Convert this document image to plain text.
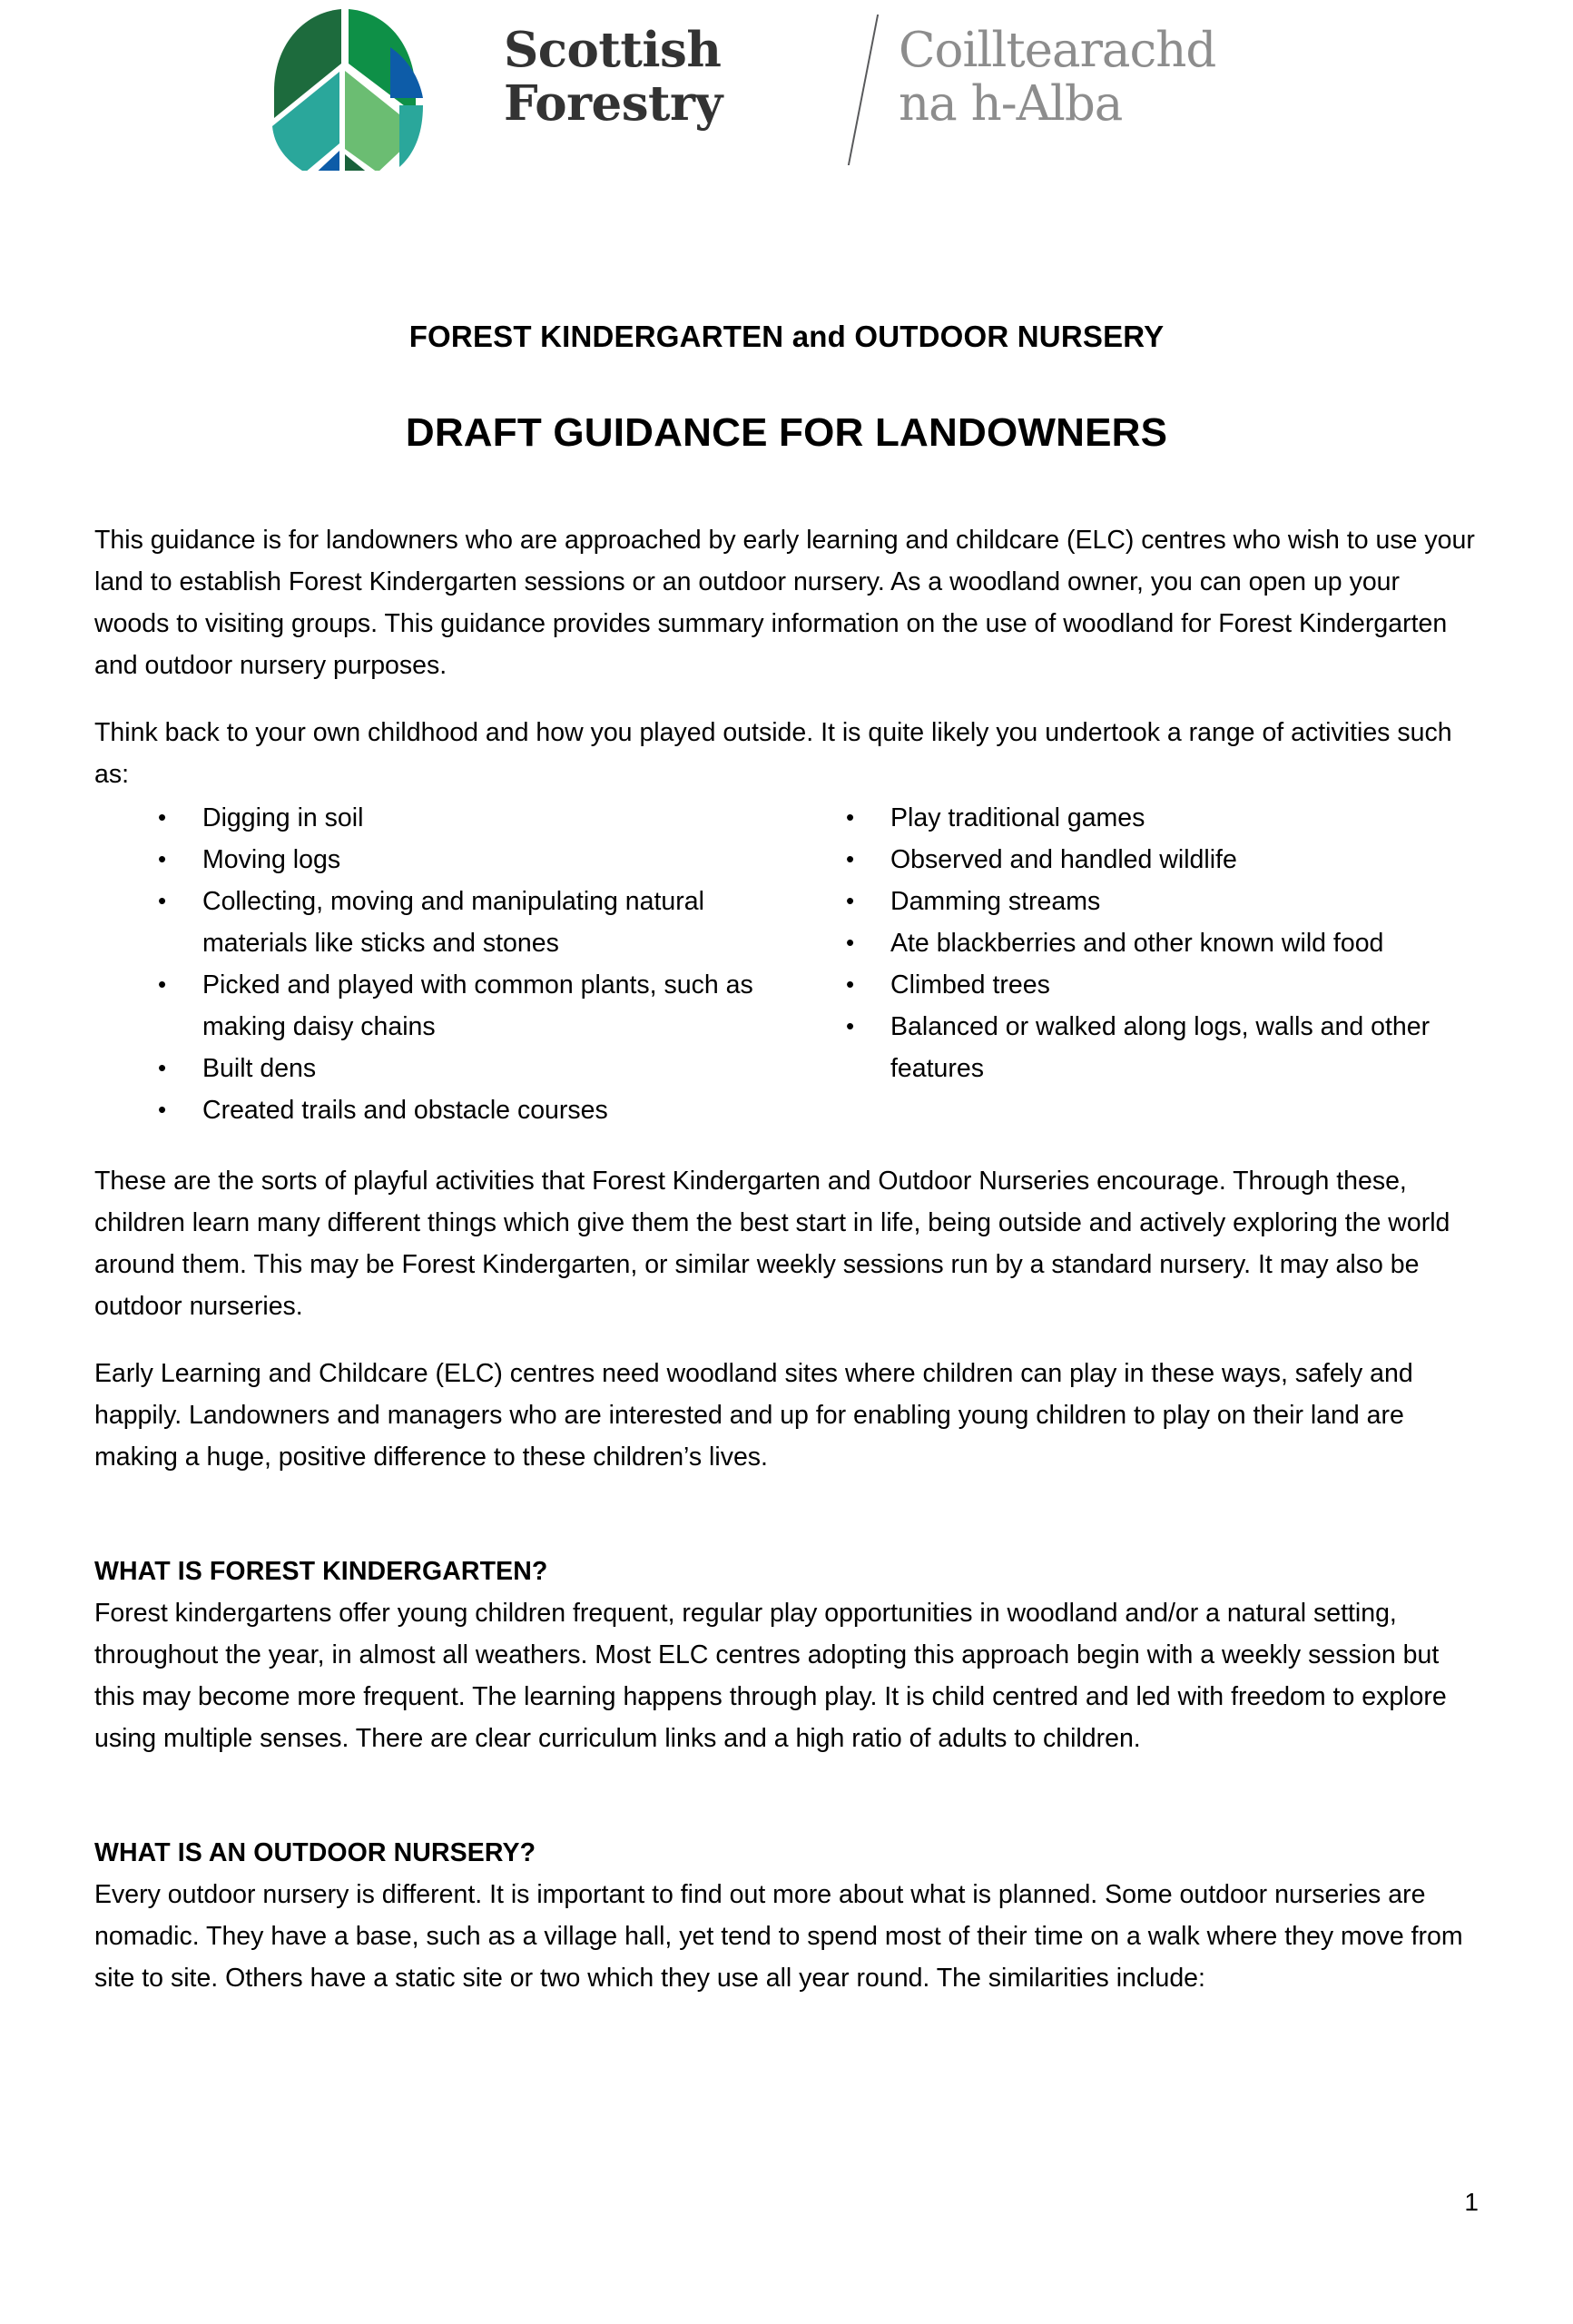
Scottish
Forestry
Coilltearachd
na h-Alba
FOREST KINDERGARTEN and OUTDOOR NURSERY
DRAFT GUIDANCE FOR LANDOWNERS

This guidance is for landowners who are approached by early learning and childcare (ELC) centres who wish to use your land to establish Forest Kindergarten sessions or an outdoor nursery. As a woodland owner, you can open up your woods to visiting groups. This guidance provides summary information on the use of woodland for Forest Kindergarten and outdoor nursery purposes.

Think back to your own childhood and how you played outside. It is quite likely you undertook a range of activities such as:

• Digging in soil
• Moving logs
• Collecting, moving and manipulating natural materials like sticks and stones
• Picked and played with common plants, such as making daisy chains
• Built dens
• Created trails and obstacle courses
• Play traditional games
• Observed and handled wildlife
• Damming streams
• Ate blackberries and other known wild food
• Climbed trees
• Balanced or walked along logs, walls and other features

These are the sorts of playful activities that Forest Kindergarten and Outdoor Nurseries encourage. Through these, children learn many different things which give them the best start in life, being outside and actively exploring the world around them. This may be Forest Kindergarten, or similar weekly sessions run by a standard nursery. It may also be outdoor nurseries.

Early Learning and Childcare (ELC) centres need woodland sites where children can play in these ways, safely and happily. Landowners and managers who are interested and up for enabling young children to play on their land are making a huge, positive difference to these children’s lives.

WHAT IS FOREST KINDERGARTEN?

Forest kindergartens offer young children frequent, regular play opportunities in woodland and/or a natural setting, throughout the year, in almost all weathers. Most ELC centres adopting this approach begin with a weekly session but this may become more frequent. The learning happens through play. It is child centred and led with freedom to explore using multiple senses. There are clear curriculum links and a high ratio of adults to children.

WHAT IS AN OUTDOOR NURSERY?

Every outdoor nursery is different. It is important to find out more about what is planned. Some outdoor nurseries are nomadic. They have a base, such as a village hall, yet tend to spend most of their time on a walk where they move from site to site. Others have a static site or two which they use all year round. The similarities include:

1
